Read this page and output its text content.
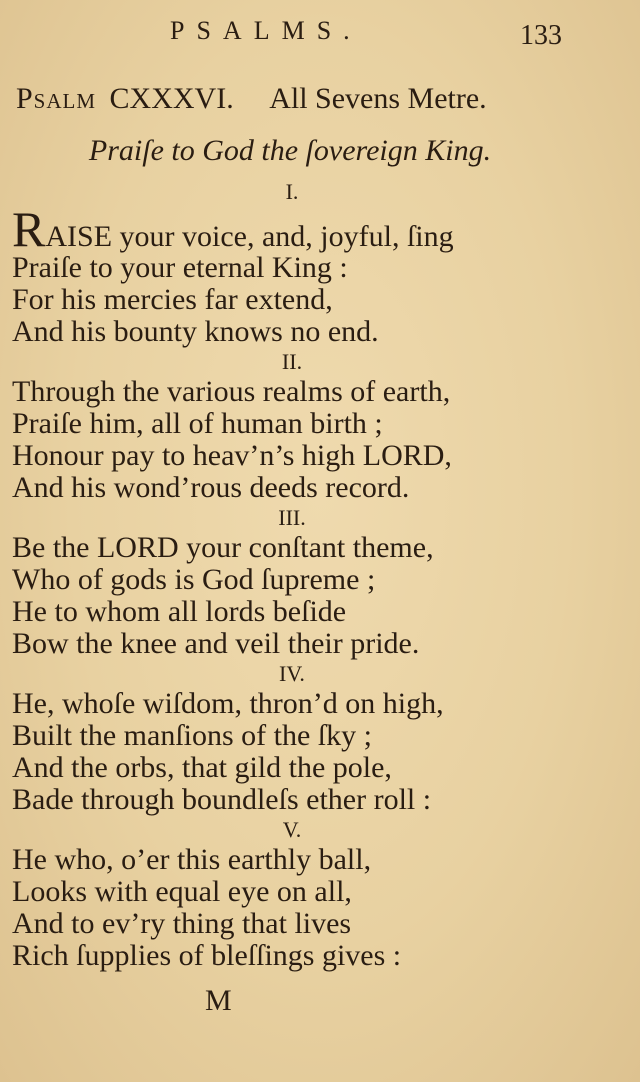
PSALMS.	133
Psalm CXXXVI. All Sevens Metre.
Praiſe to God the ſovereign King.
I.
RAISE your voice, and, joyful, ſing
Praiſe to your eternal King :
For his mercies far extend,
And his bounty knows no end.
II.
Through the various realms of earth,
Praiſe him, all of human birth ;
Honour pay to heav’n’s high LORD,
And his wond’rous deeds record.
III.
Be the LORD your conſtant theme,
Who of gods is God ſupreme ;
He to whom all lords beſide
Bow the knee and veil their pride.
IV.
He, whoſe wiſdom, thron’d on high,
Built the manſions of the ſky ;
And the orbs, that gild the pole,
Bade through boundleſs ether roll :
V.
He who, o’er this earthly ball,
Looks with equal eye on all,
And to ev’ry thing that lives
Rich ſupplies of bleſſings gives :
M
